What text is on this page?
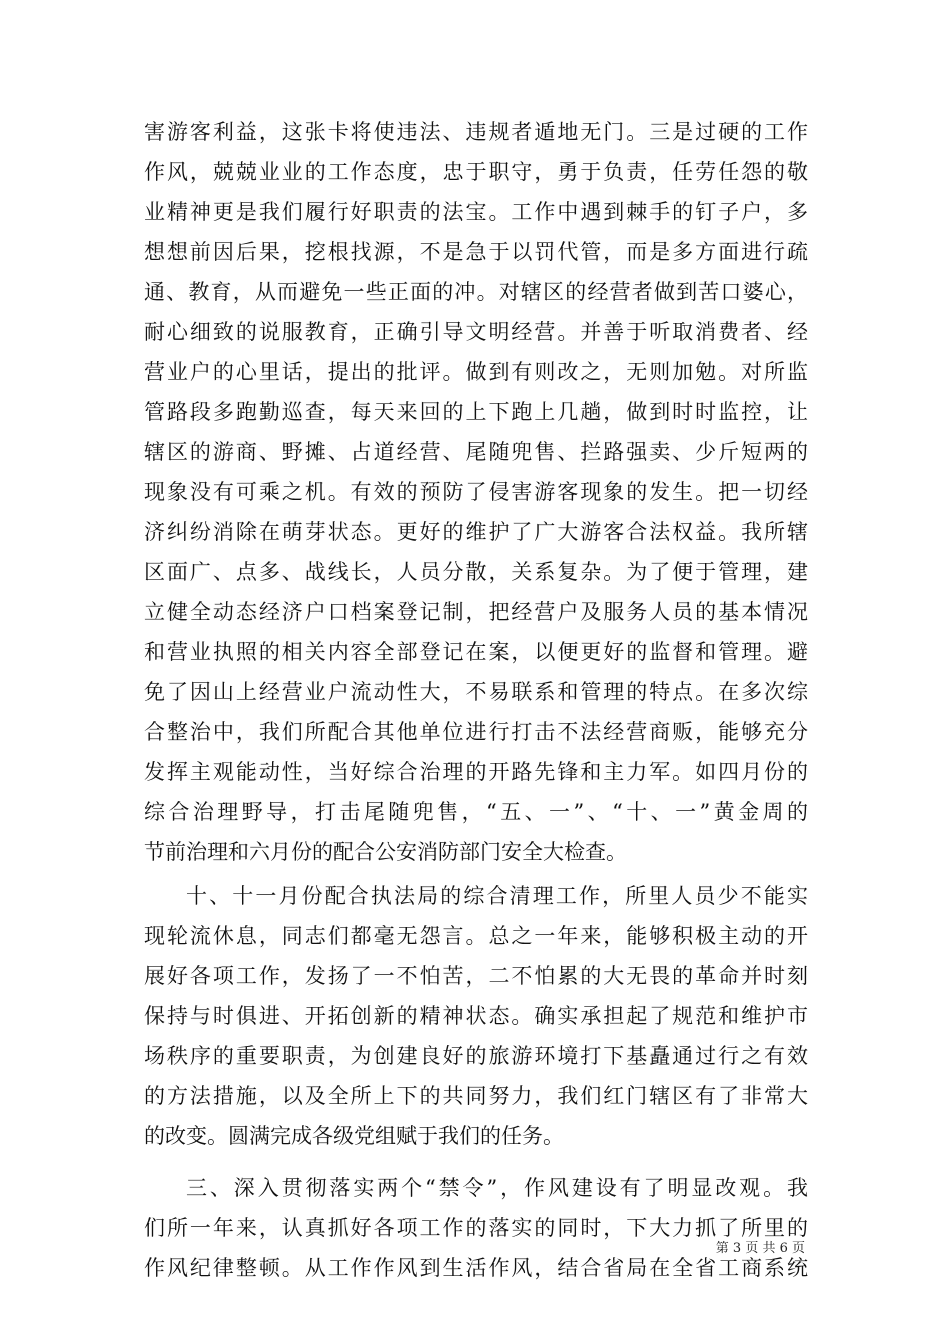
害游客利益，这张卡将使违法、违规者遁地无门。三是过硬的工作
作风，兢兢业业的工作态度，忠于职守，勇于负责，任劳任怨的敬
业精神更是我们履行好职责的法宝。工作中遇到棘手的钉子户，多
想想前因后果，挖根找源，不是急于以罚代管，而是多方面进行疏
通、教育，从而避免一些正面的冲。对辖区的经营者做到苦口婆心，
耐心细致的说服教育，正确引导文明经营。并善于听取消费者、经
营业户的心里话，提出的批评。做到有则改之，无则加勉。对所监
管路段多跑勤巡查，每天来回的上下跑上几趟，做到时时监控，让
辖区的游商、野摊、占道经营、尾随兜售、拦路强卖、少斤短两的
现象没有可乘之机。有效的预防了侵害游客现象的发生。把一切经
济纠纷消除在萌芽状态。更好的维护了广大游客合法权益。我所辖
区面广、点多、战线长，人员分散，关系复杂。为了便于管理，建
立健全动态经济户口档案登记制，把经营户及服务人员的基本情况
和营业执照的相关内容全部登记在案，以便更好的监督和管理。避
免了因山上经营业户流动性大，不易联系和管理的特点。在多次综
合整治中，我们所配合其他单位进行打击不法经营商贩，能够充分
发挥主观能动性，当好综合治理的开路先锋和主力军。如四月份的
综合治理野导，打击尾随兜售，“五、一”、“十、一”黄金周的
节前治理和六月份的配合公安消防部门安全大检查。
十、十一月份配合执法局的综合清理工作，所里人员少不能实
现轮流休息，同志们都毫无怨言。总之一年来，能够积极主动的开
展好各项工作，发扬了一不怕苦，二不怕累的大无畏的革命并时刻
保持与时俱进、开拓创新的精神状态。确实承担起了规范和维护市
场秩序的重要职责，为创建良好的旅游环境打下基矗通过行之有效
的方法措施，以及全所上下的共同努力，我们红门辖区有了非常大
的改变。圆满完成各级党组赋于我们的任务。
三、深入贯彻落实两个“禁令”，作风建设有了明显改观。我
们所一年来，认真抓好各项工作的落实的同时，下大力抓了所里的
作风纪律整顿。从工作作风到生活作风，结合省局在全省工商系统
第 3 页 共 6 页
